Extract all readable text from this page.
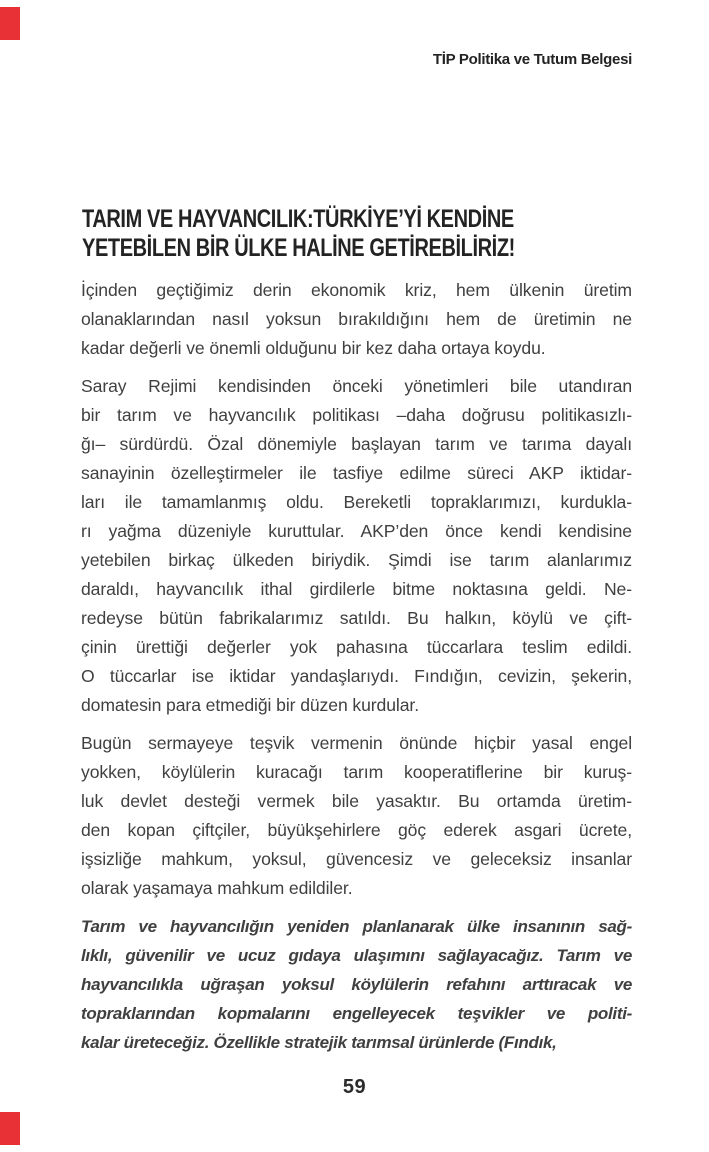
TİP Politika ve Tutum Belgesi
TARIM VE HAYVANCILIK:TÜRKİYE’Yİ KENDİNE
YETEBİLEN BİR ÜLKE HALİNE GETİREBİLİRİZ!
İçinden geçtiğimiz derin ekonomik kriz, hem ülkenin üretim
olanaklarından nasıl yoksun bırakıldığını hem de üretimin ne
kadar değerli ve önemli olduğunu bir kez daha ortaya koydu.
Saray Rejimi kendisinden önceki yönetimleri bile utandıran
bir tarım ve hayvancılık politikası –daha doğrusu politikasızlı-
ğı– sürdürdü. Özal dönemiyle başlayan tarım ve tarıma dayalı
sanayinin özelleştirmeler ile tasfiye edilme süreci AKP iktidar-
ları ile tamamlanmış oldu. Bereketli topraklarımızı, kurdukla-
rı yağma düzeniyle kuruttular. AKP’den önce kendi kendisine
yetebilen birkaç ülkeden biriydik. Şimdi ise tarım alanlarımız
daraldı, hayvancılık ithal girdilerle bitme noktasına geldi. Ne-
redeyse bütün fabrikalarımız satıldı. Bu halkın, köylü ve çift-
çinin ürettiği değerler yok pahasına tüccarlara teslim edildi.
O tüccarlar ise iktidar yandaşlarıydı. Fındığın, cevizin, şekerin,
domatesin para etmediği bir düzen kurdular.
Bugün sermayeye teşvik vermenin önünde hiçbir yasal engel
yokken, köylülerin kuracağı tarım kooperatiflerine bir kuruş-
luk devlet desteği vermek bile yasaktır. Bu ortamda üretim-
den kopan çiftçiler, büyükşehirlere göç ederek asgari ücrete,
işsizliğe mahkum, yoksul, güvencesiz ve geleceksiz insanlar
olarak yaşamaya mahkum edildiler.
Tarım ve hayvancılığın yeniden planlanarak ülke insanının sağ-
lıklı, güvenilir ve ucuz gıdaya ulaşımını sağlayacağız. Tarım ve
hayvancılıkla uğraşan yoksul köylülerin refahını arttıracak ve
topraklarından kopmalarını engelleyecek teşvikler ve politi-
kalar üreteceğiz. Özellikle stratejik tarımsal ürünlerde (Fındık,
59
